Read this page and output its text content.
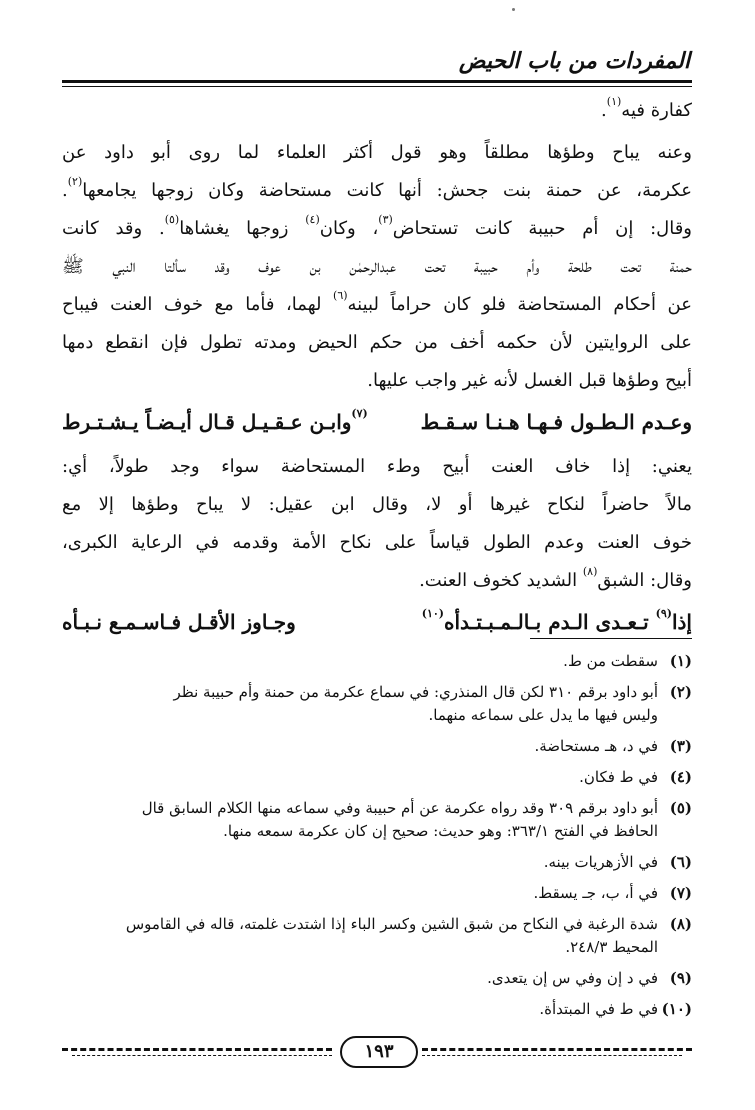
المفردات من باب الحيض
كفارة فيه$^{(١)}$.
وعنه يباح وطؤها مطلقاً وهو قول أكثر العلماء لما روى أبو داود عن
عكرمة، عن حمنة بنت جحش: أنها كانت مستحاضة وكان زوجها يجامعها$^{(٢)}$.
وقال: إن أم حبيبة كانت تستحاض$^{(٣)}$، وكان$^{(٤)}$ زوجها يغشاها$^{(٥)}$. وقد كانت
حمنة تحت طلحة وأم حبيبة تحت عبدالرحمٰن بن عوف وقد سألتا النبي ﷺ
عن أحكام المستحاضة فلو كان حراماً لبينه$^{(٦)}$ لهما، فأما مع خوف العنت فيباح
على الروايتين لأن حكمه أخف من حكم الحيض ومدته تطول فإن انقطع دمها
أبيح وطؤها قبل الغسل لأنه غير واجب عليها.
وعـدم الـطـول فـهـا هـنـا سـقـط
$^{(٧)}$وابـن عـقـيـل قـال أيـضـاً يـشـتـرط
يعني: إذا خاف العنت أبيح وطء المستحاضة سواء وجد طولاً، أي:
مالاً حاضراً لنكاح غيرها أو لا، وقال ابن عقيل: لا يباح وطؤها إلا مع
خوف العنت وعدم الطول قياساً على نكاح الأمة وقدمه في الرعاية الكبرى،
وقال: الشبق$^{(٨)}$ الشديد كخوف العنت.
إذا$^{(٩)}$ تـعـدى الـدم بـالـمـبـتـدأه$^{(١٠)}$
وجـاوز الأقـل فـاسـمـع نـبـأه
(١)
سقطت من ط.
(٢)
أبو داود برقم ٣١٠ لكن قال المنذري: في سماع عكرمة من حمنة وأم حبيبة نظر
وليس فيها ما يدل على سماعه منهما.
(٣)
في د، هـ مستحاضة.
(٤)
في ط فكان.
(٥)
أبو داود برقم ٣٠٩ وقد رواه عكرمة عن أم حبيبة وفي سماعه منها الكلام السابق قال
الحافظ في الفتح ٣٦٣/١: وهو حديث: صحيح إن كان عكرمة سمعه منها.
(٦)
في الأزهريات بينه.
(٧)
في أ، ب، جـ يسقط.
(٨)
شدة الرغبة في النكاح من شبق الشين وكسر الباء إذا اشتدت غلمته، قاله في القاموس
المحيط ٢٤٨/٣.
(٩)
في د إن وفي س إن يتعدى.
(١٠)
في ط في المبتدأة.
١٩٣
